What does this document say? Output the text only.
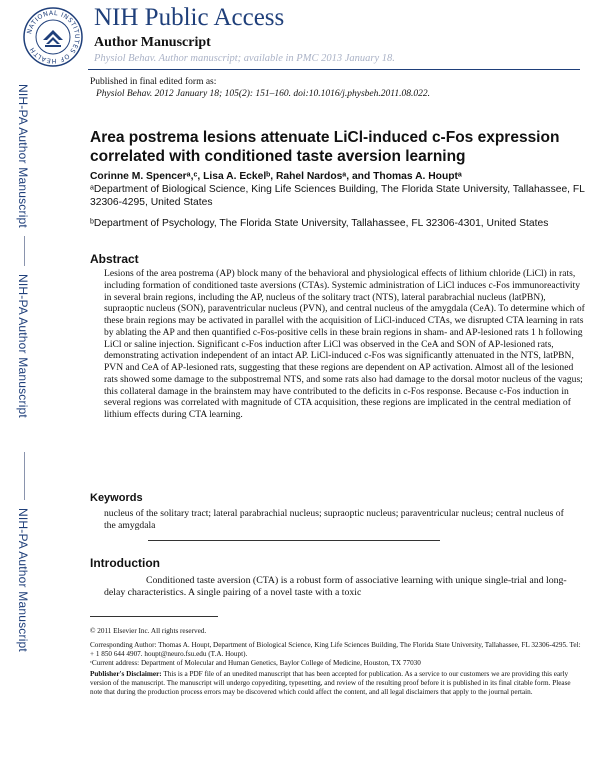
NATIONAL INSTITUTES OF HEALTH
NIH Public Access
Author Manuscript
Physiol Behav. Author manuscript; available in PMC 2013 January 18.
Published in final edited form as:
Physiol Behav. 2012 January 18; 105(2): 151–160. doi:10.1016/j.physbeh.2011.08.022.
NIH-PA Author Manuscript
NIH-PA Author Manuscript
NIH-PA Author Manuscript
Area postrema lesions attenuate LiCl-induced c-Fos expression correlated with conditioned taste aversion learning
Corinne M. Spencerᵃ,ᶜ, Lisa A. Eckelᵇ, Rahel Nardosᵃ, and Thomas A. Houptᵃ
ᵃDepartment of Biological Science, King Life Sciences Building, The Florida State University, Tallahassee, FL 32306-4295, United States
ᵇDepartment of Psychology, The Florida State University, Tallahassee, FL 32306-4301, United States
Abstract
Lesions of the area postrema (AP) block many of the behavioral and physiological effects of lithium chloride (LiCl) in rats, including formation of conditioned taste aversions (CTAs). Systemic administration of LiCl induces c-Fos immunoreactivity in several brain regions, including the AP, nucleus of the solitary tract (NTS), lateral parabrachial nucleus (latPBN), supraoptic nucleus (SON), paraventricular nucleus (PVN), and central nucleus of the amygdala (CeA). To determine which of these brain regions may be activated in parallel with the acquisition of LiCl-induced CTAs, we disrupted CTA learning in rats by ablating the AP and then quantified c-Fos-positive cells in these brain regions in sham- and AP-lesioned rats 1 h following LiCl or saline injection. Significant c-Fos induction after LiCl was observed in the CeA and SON of AP-lesioned rats, demonstrating activation independent of an intact AP. LiCl-induced c-Fos was significantly attenuated in the NTS, latPBN, PVN and CeA of AP-lesioned rats, suggesting that these regions are dependent on AP activation. Almost all of the lesioned rats showed some damage to the subpostremal NTS, and some rats also had damage to the dorsal motor nucleus of the vagus; this collateral damage in the brainstem may have contributed to the deficits in c-Fos response. Because c-Fos induction in several regions was correlated with magnitude of CTA acquisition, these regions are implicated in the central mediation of lithium effects during CTA learning.
Keywords
nucleus of the solitary tract; lateral parabrachial nucleus; supraoptic nucleus; paraventricular nucleus; central nucleus of the amygdala
Introduction
Conditioned taste aversion (CTA) is a robust form of associative learning with unique single-trial and long-delay characteristics. A single pairing of a novel taste with a toxic
© 2011 Elsevier Inc. All rights reserved.
Corresponding Author: Thomas A. Houpt, Department of Biological Science, King Life Sciences Building, The Florida State University, Tallahassee, FL 32306-4295. Tel: + 1 850 644 4907. houpt@neuro.fsu.edu (T.A. Houpt).
ᶜCurrent address: Department of Molecular and Human Genetics, Baylor College of Medicine, Houston, TX 77030
Publisher's Disclaimer: This is a PDF file of an unedited manuscript that has been accepted for publication. As a service to our customers we are providing this early version of the manuscript. The manuscript will undergo copyediting, typesetting, and review of the resulting proof before it is published in its final citable form. Please note that during the production process errors may be discovered which could affect the content, and all legal disclaimers that apply to the journal pertain.
